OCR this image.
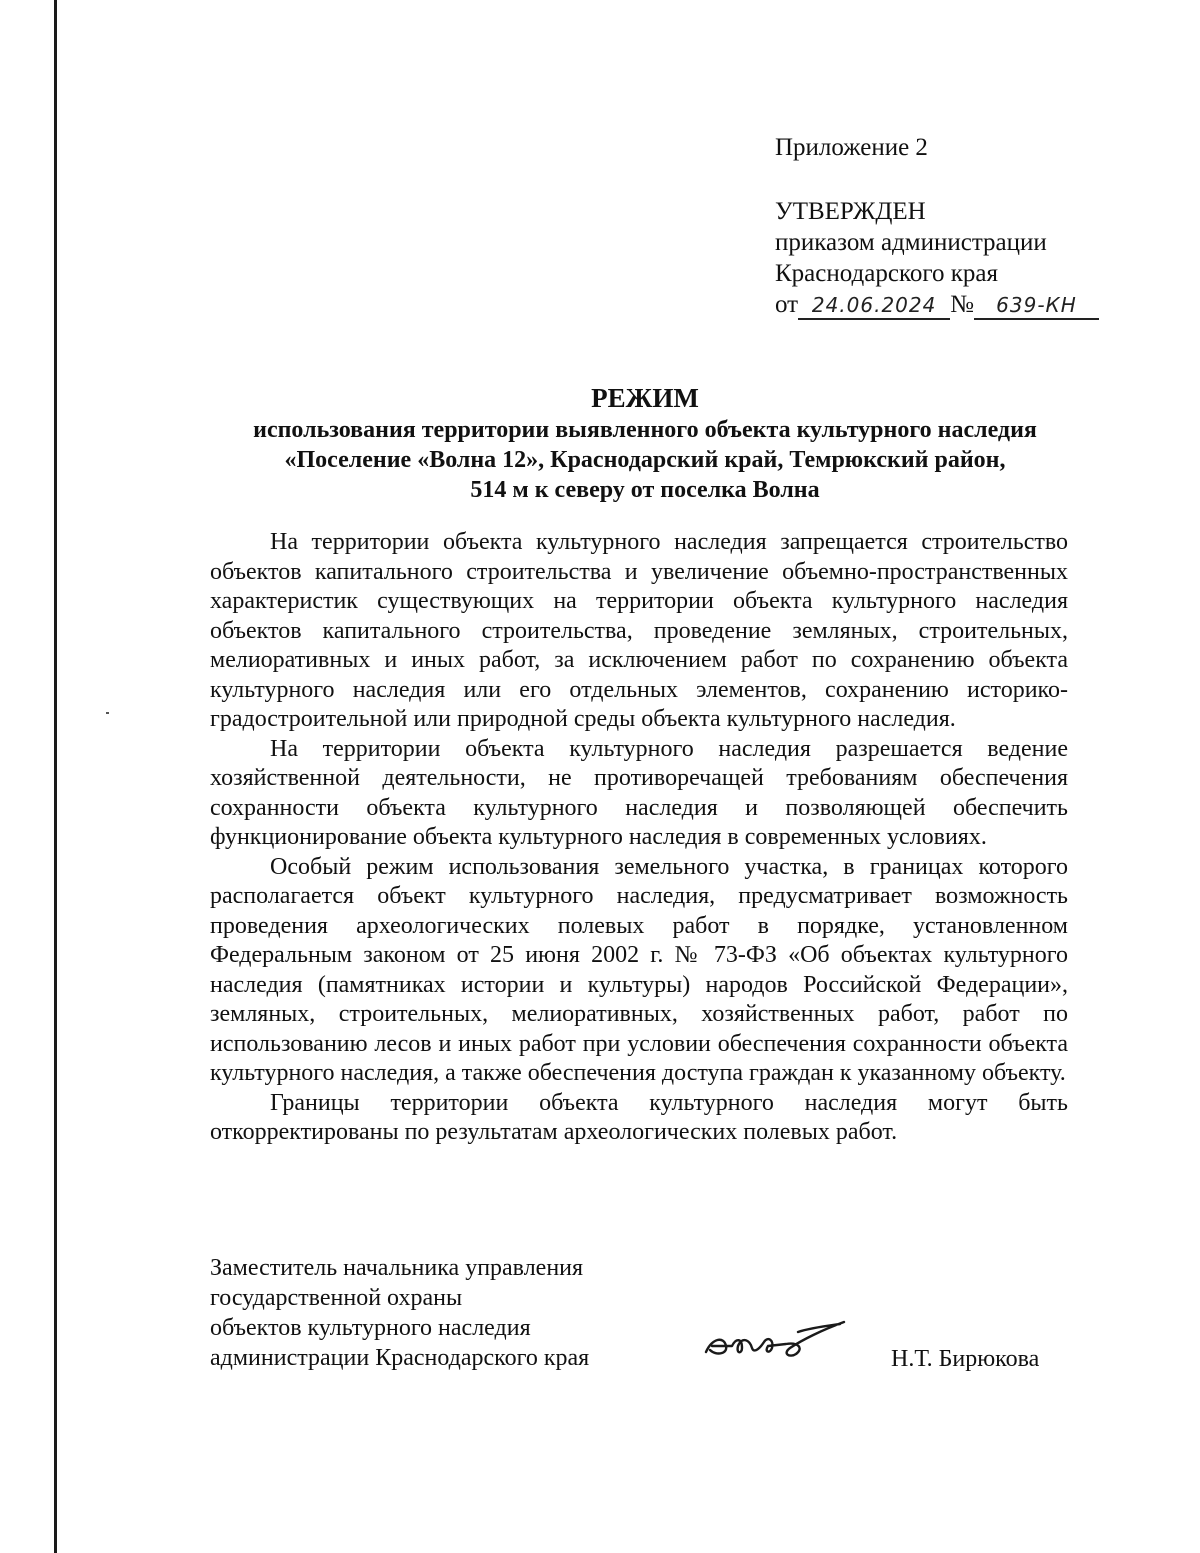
Приложение 2
УТВЕРЖДЕН
приказом администрации
Краснодарского края
от 24.06.2024 № 639-КН
РЕЖИМ
использования территории выявленного объекта культурного наследия
«Поселение «Волна 12», Краснодарский край, Темрюкский район,
514 м к северу от поселка Волна

На территории объекта культурного наследия запрещается строительство объектов капитального строительства и увеличение объемно-пространственных характеристик существующих на территории объекта культурного наследия объектов капитального строительства, проведение земляных, строительных, мелиоративных и иных работ, за исключением работ по сохранению объекта культурного наследия или его отдельных элементов, сохранению историко-градостроительной или природной среды объекта культурного наследия.

На территории объекта культурного наследия разрешается ведение хозяйственной деятельности, не противоречащей требованиям обеспечения сохранности объекта культурного наследия и позволяющей обеспечить функционирование объекта культурного наследия в современных условиях.

Особый режим использования земельного участка, в границах которого располагается объект культурного наследия, предусматривает возможность проведения археологических полевых работ в порядке, установленном Федеральным законом от 25 июня 2002 г. № 73-ФЗ «Об объектах культурного наследия (памятниках истории и культуры) народов Российской Федерации», земляных, строительных, мелиоративных, хозяйственных работ, работ по использованию лесов и иных работ при условии обеспечения сохранности объекта культурного наследия, а также обеспечения доступа граждан к указанному объекту.

Границы территории объекта культурного наследия могут быть откорректированы по результатам археологических полевых работ.

Заместитель начальника управления
государственной охраны
объектов культурного наследия
администрации Краснодарского края	Н.Т. Бирюкова
